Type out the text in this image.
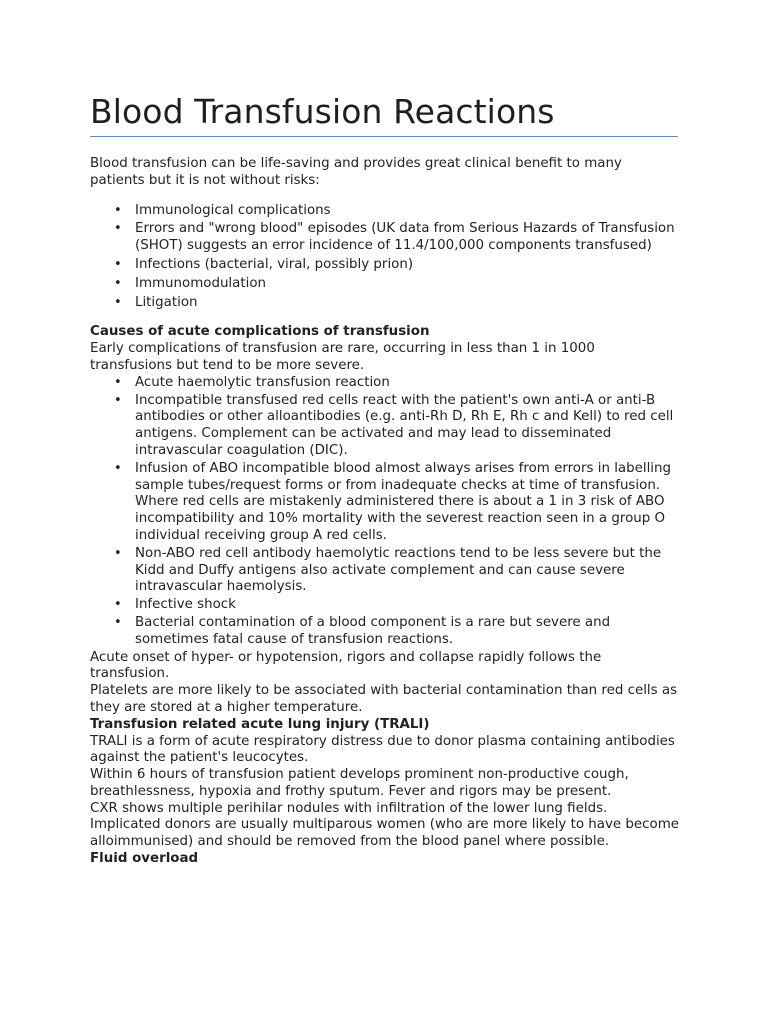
Blood Transfusion Reactions

Blood transfusion can be life-saving and provides great clinical benefit to many patients but it is not without risks:

• Immunological complications
• Errors and "wrong blood" episodes (UK data from Serious Hazards of Transfusion (SHOT) suggests an error incidence of 11.4/100,000 components transfused)
• Infections (bacterial, viral, possibly prion)
• Immunomodulation
• Litigation

Causes of acute complications of transfusion

Early complications of transfusion are rare, occurring in less than 1 in 1000 transfusions but tend to be more severe.

• Acute haemolytic transfusion reaction
• Incompatible transfused red cells react with the patient's own anti-A or anti-B antibodies or other alloantibodies (e.g. anti-Rh D, Rh E, Rh c and Kell) to red cell antigens. Complement can be activated and may lead to disseminated intravascular coagulation (DIC).
• Infusion of ABO incompatible blood almost always arises from errors in labelling sample tubes/request forms or from inadequate checks at time of transfusion. Where red cells are mistakenly administered there is about a 1 in 3 risk of ABO incompatibility and 10% mortality with the severest reaction seen in a group O individual receiving group A red cells.
• Non-ABO red cell antibody haemolytic reactions tend to be less severe but the Kidd and Duffy antigens also activate complement and can cause severe intravascular haemolysis.
• Infective shock
• Bacterial contamination of a blood component is a rare but severe and sometimes fatal cause of transfusion reactions.

Acute onset of hyper- or hypotension, rigors and collapse rapidly follows the transfusion.

Platelets are more likely to be associated with bacterial contamination than red cells as they are stored at a higher temperature.

Transfusion related acute lung injury (TRALI)

TRALI is a form of acute respiratory distress due to donor plasma containing antibodies against the patient's leucocytes.

Within 6 hours of transfusion patient develops prominent non-productive cough, breathlessness, hypoxia and frothy sputum. Fever and rigors may be present.

CXR shows multiple perihilar nodules with infiltration of the lower lung fields.

Implicated donors are usually multiparous women (who are more likely to have become alloimmunised) and should be removed from the blood panel where possible.

Fluid overload
